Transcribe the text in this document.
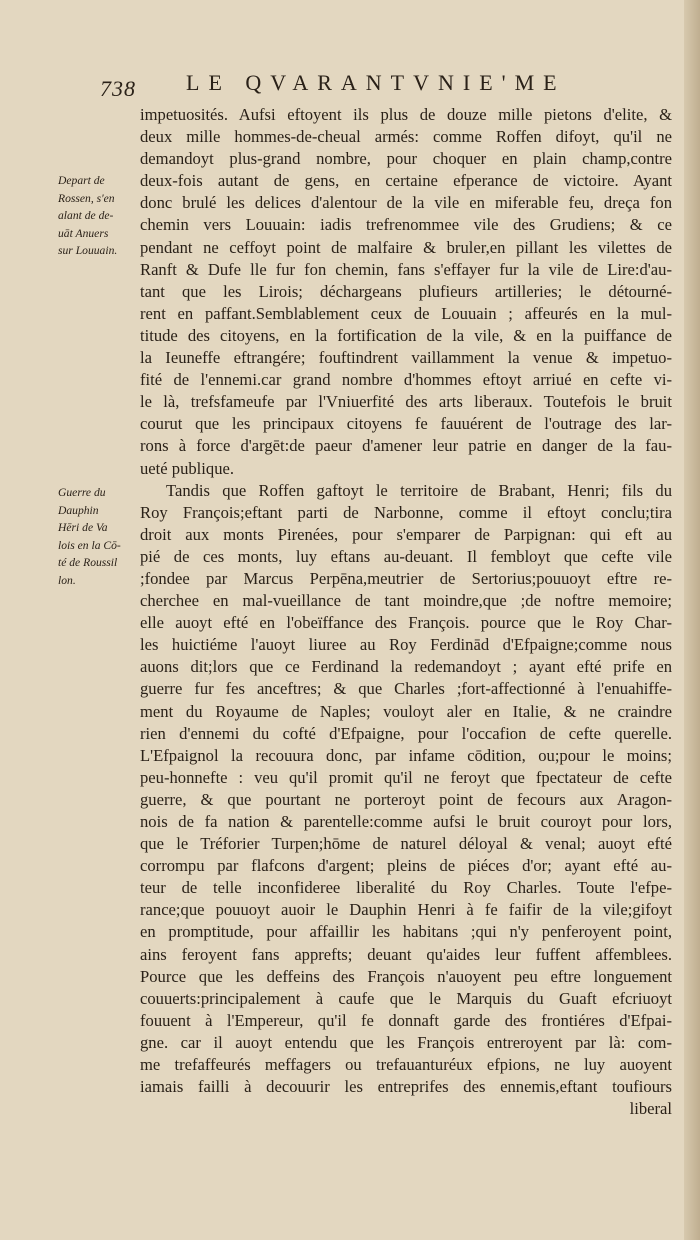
738 LE QVARANTVNIE'ME
Depart de
Rossen, s'en
alant de de-
uāt Anuers
sur Louuain.
Guerre du
Dauphin
Hēri de Va
lois en la Cō-
té de Roussil
lon.
impetuosités. Aufsi eftoyent ils plus de douze mille pietons d'elite, &
deux mille hommes-de-cheual armés: comme Roffen difoyt, qu'il ne
demandoyt plus-grand nombre, pour choquer en plain champ,contre
deux-fois autant de gens, en certaine efperance de victoire. Ayant
donc brulé les delices d'alentour de la vile en miferable feu, dreça fon
chemin vers Louuain: iadis trefrenommee vile des Grudiens; & ce
pendant ne ceffoyt point de malfaire & bruler,en pillant les vilettes de
Ranft & Dufe lle fur fon chemin, fans s'effayer fur la vile de Lire:d'au-
tant que les Lirois; déchargeans plufieurs artilleries; le détourné-
rent en paffant.Semblablement ceux de Louuain ; affeurés en la mul-
titude des citoyens, en la fortification de la vile, & en la puiffance de
la Ieuneffe eftrangére; fouftindrent vaillamment la venue & impetuo-
fité de l'ennemi.car grand nombre d'hommes eftoyt arriué en cefte vi-
le là, trefsfameufe par l'Vniuerfité des arts liberaux. Toutefois le bruit
courut que les principaux citoyens fe fauuérent de l'outrage des lar-
rons à force d'argēt:de paeur d'amener leur patrie en danger de la fau-
ueté publique.
Tandis que Roffen gaftoyt le territoire de Brabant, Henri; fils du
Roy François;eftant parti de Narbonne, comme il eftoyt conclu;tira
droit aux monts Pirenées, pour s'emparer de Parpignan: qui eft au
pié de ces monts, luy eftans au-deuant. Il fembloyt que cefte vile
;fondee par Marcus Perpēna,meutrier de Sertorius;pouuoyt eftre re-
cherchee en mal-vueillance de tant moindre,que ;de noftre memoire;
elle auoyt efté en l'obeïffance des François. pource que le Roy Char-
les huictiéme l'auoyt liuree au Roy Ferdinād d'Efpaigne;comme nous
auons dit;lors que ce Ferdinand la redemandoyt ; ayant efté prife en
guerre fur fes anceftres; & que Charles ;fort-affectionné à l'enuahiffe-
ment du Royaume de Naples; vouloyt aler en Italie, & ne craindre
rien d'ennemi du cofté d'Efpaigne, pour l'occafion de cefte querelle.
L'Efpaignol la recouura donc, par infame cōdition, ou;pour le moins;
peu-honnefte : veu qu'il promit qu'il ne feroyt que fpectateur de cefte
guerre, & que pourtant ne porteroyt point de fecours aux Aragon-
nois de fa nation & parentelle:comme aufsi le bruit couroyt pour lors,
que le Tréforier Turpen;hōme de naturel déloyal & venal; auoyt efté
corrompu par flafcons d'argent; pleins de piéces d'or; ayant efté au-
teur de telle inconfideree liberalité du Roy Charles. Toute l'efpe-
rance;que pouuoyt auoir le Dauphin Henri à fe faifir de la vile;gifoyt
en promptitude, pour affaillir les habitans ;qui n'y penferoyent point,
ains feroyent fans apprefts; deuant qu'aides leur fuffent affemblees.
Pource que les deffeins des François n'auoyent peu eftre longuement
couuerts:principalement à caufe que le Marquis du Guaft efcriuoyt
fouuent à l'Empereur, qu'il fe donnaft garde des frontiéres d'Efpai-
gne. car il auoyt entendu que les François entreroyent par là: com-
me trefaffeurés meffagers ou trefauanturéux efpions, ne luy auoyent
iamais failli à decouurir les entreprifes des ennemis,eftant toufiours
liberal
